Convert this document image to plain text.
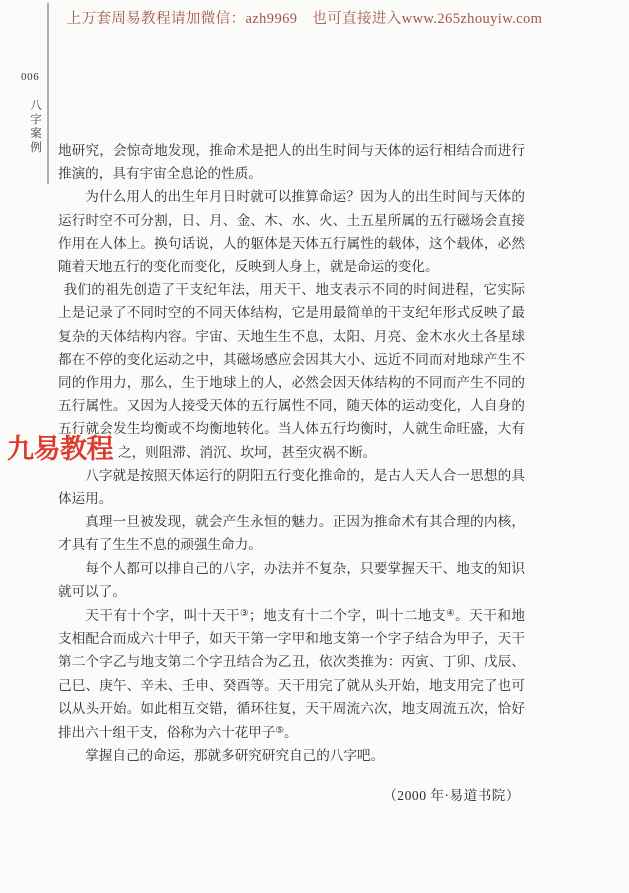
上万套周易教程请加微信：azh9969　也可直接进入www.265zhouyiw.com
006
八字案例 地研究，会惊奇地发现，推命术是把人的出生时间与天体的运行相结合而进行
推演的，具有宇宙全息论的性质。
为什么用人的出生年月日时就可以推算命运？因为人的出生时间与天体的
运行时空不可分割，日、月、金、木、水、火、土五星所属的五行磁场会直接
作用在人体上。换句话说，人的躯体是天体五行属性的载体，这个载体，必然
随着天地五行的变化而变化，反映到人身上，就是命运的变化。
我们的祖先创造了干支纪年法，用天干、地支表示不同的时间进程，它实际
上是记录了不同时空的不同天体结构，它是用最简单的干支纪年形式反映了最
复杂的天体结构内容。宇宙、天地生生不息，太阳、月亮、金木水火土各星球
都在不停的变化运动之中，其磁场感应会因其大小、远近不同而对地球产生不
同的作用力，那么，生于地球上的人，必然会因天体结构的不同而产生不同的
五行属性。又因为人接受天体的五行属性不同，随天体的运动变化，人自身的
五行就会发生均衡或不均衡地转化。当人体五行均衡时，人就生命旺盛，大有
之，则阻滞、消沉、坎坷，甚至灾祸不断。
八字就是按照天体运行的阴阳五行变化推命的，是古人天人合一思想的具
体运用。
真理一旦被发现，就会产生永恒的魅力。正因为推命术有其合理的内核，
才具有了生生不息的顽强生命力。
每个人都可以排自己的八字，办法并不复杂，只要掌握天干、地支的知识
就可以了。
天干有十个字，叫十天干③；地支有十二个字，叫十二地支④。天干和地
支相配合而成六十甲子，如天干第一字甲和地支第一个字子结合为甲子，天干
第二个字乙与地支第二个字丑结合为乙丑，依次类推为：丙寅、丁卯、戊辰、
己巳、庚午、辛未、壬申、癸酉等。天干用完了就从头开始，地支用完了也可
以从头开始。如此相互交错，循环往复，天干周流六次，地支周流五次，恰好
排出六十组干支，俗称为六十花甲子⑤。
掌握自己的命运，那就多研究研究自己的八字吧。
九易教程
（2000 年·易道书院）
